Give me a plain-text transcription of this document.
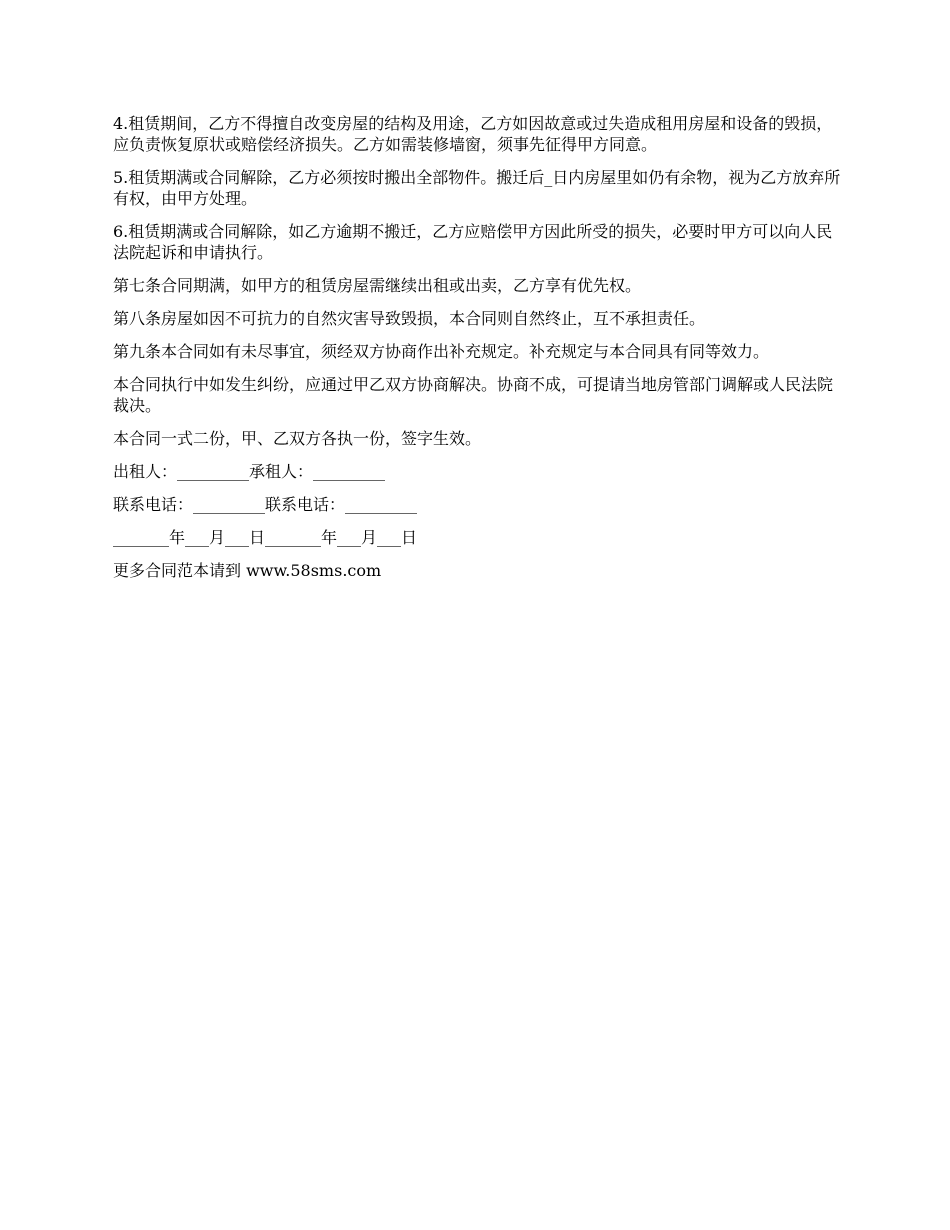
4.租赁期间，乙方不得擅自改变房屋的结构及用途，乙方如因故意或过失造成租用房屋和设备的毁损，应负责恢复原状或赔偿经济损失。乙方如需装修墙窗，须事先征得甲方同意。

5.租赁期满或合同解除，乙方必须按时搬出全部物件。搬迁后_日内房屋里如仍有余物，视为乙方放弃所有权，由甲方处理。

6.租赁期满或合同解除，如乙方逾期不搬迁，乙方应赔偿甲方因此所受的损失，必要时甲方可以向人民法院起诉和申请执行。

第七条合同期满，如甲方的租赁房屋需继续出租或出卖，乙方享有优先权。

第八条房屋如因不可抗力的自然灾害导致毁损，本合同则自然终止，互不承担责任。

第九条本合同如有未尽事宜，须经双方协商作出补充规定。补充规定与本合同具有同等效力。

本合同执行中如发生纠纷，应通过甲乙双方协商解决。协商不成，可提请当地房管部门调解或人民法院裁决。

本合同一式二份，甲、乙双方各执一份，签字生效。

出租人：_________承租人：_________

联系电话：_________联系电话：_________

_______年___月___日_______年___月___日

更多合同范本请到 www.58sms.com
